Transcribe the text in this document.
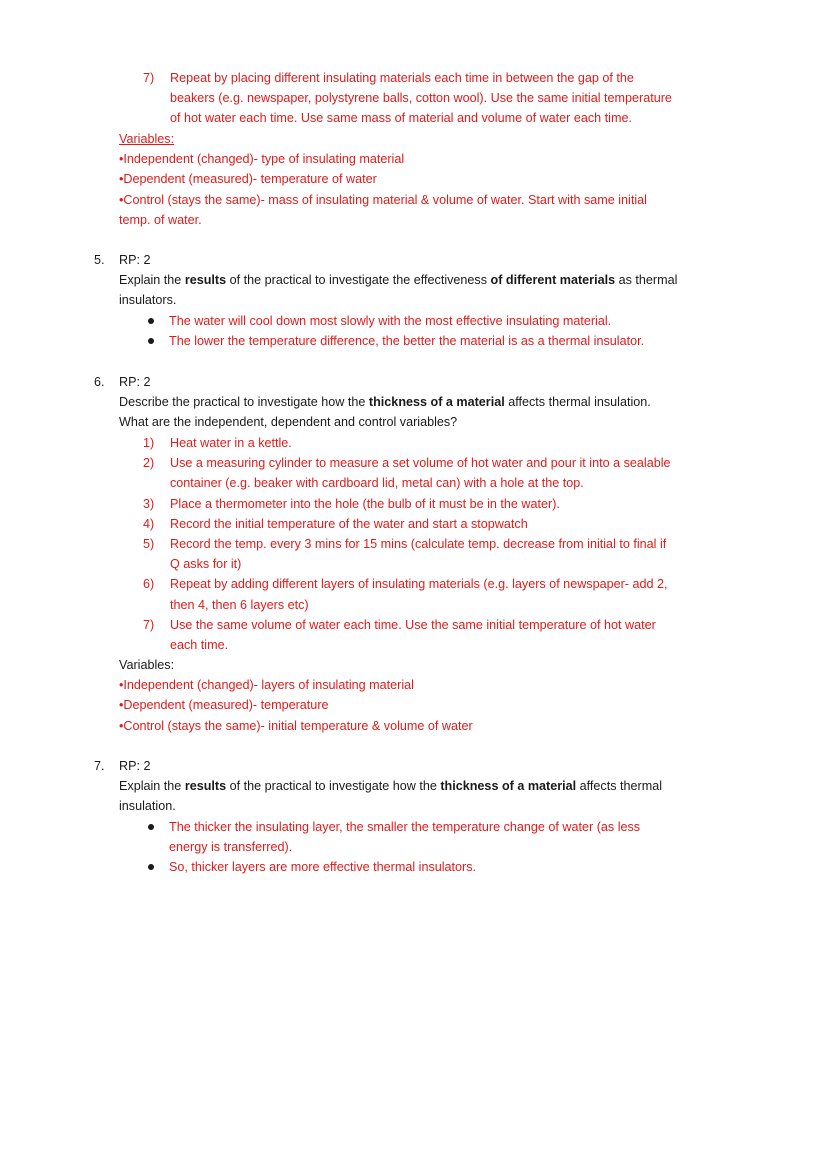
7) Repeat by placing different insulating materials each time in between the gap of the
beakers (e.g. newspaper, polystyrene balls, cotton wool). Use the same initial temperature
of hot water each time. Use same mass of material and volume of water each time.
Variables:
•Independent (changed)- type of insulating material
•Dependent (measured)- temperature of water
•Control (stays the same)- mass of insulating material & volume of water. Start with same initial
temp. of water.
5. RP: 2
Explain the results of the practical to investigate the effectiveness of different materials as thermal
insulators.
The water will cool down most slowly with the most effective insulating material.
The lower the temperature difference, the better the material is as a thermal insulator.
6. RP: 2
Describe the practical to investigate how the thickness of a material affects thermal insulation.
What are the independent, dependent and control variables?
1) Heat water in a kettle.
2) Use a measuring cylinder to measure a set volume of hot water and pour it into a sealable
container (e.g. beaker with cardboard lid, metal can) with a hole at the top.
3) Place a thermometer into the hole (the bulb of it must be in the water).
4) Record the initial temperature of the water and start a stopwatch
5) Record the temp. every 3 mins for 15 mins (calculate temp. decrease from initial to final if
Q asks for it)
6) Repeat by adding different layers of insulating materials (e.g. layers of newspaper- add 2,
then 4, then 6 layers etc)
7) Use the same volume of water each time. Use the same initial temperature of hot water
each time.
Variables:
•Independent (changed)- layers of insulating material
•Dependent (measured)- temperature
•Control (stays the same)- initial temperature & volume of water
7. RP: 2
Explain the results of the practical to investigate how the thickness of a material affects thermal
insulation.
The thicker the insulating layer, the smaller the temperature change of water (as less
energy is transferred).
So, thicker layers are more effective thermal insulators.
